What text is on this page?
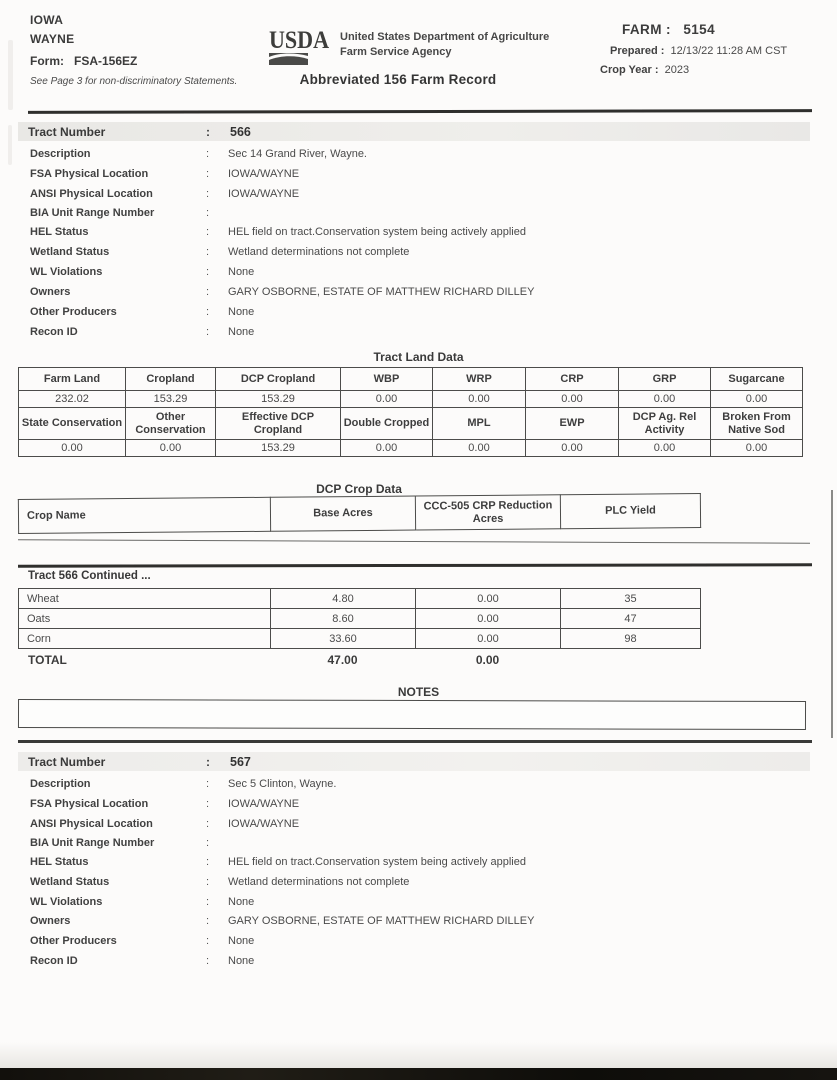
IOWA
WAYNE
Form: FSA-156EZ
See Page 3 for non-discriminatory Statements.
USDA United States Department of Agriculture
Farm Service Agency
Abbreviated 156 Farm Record
FARM : 5154
Prepared : 12/13/22 11:28 AM CST
Crop Year : 2023
Tract Number	:	566
Description	:	Sec 14 Grand River, Wayne.
FSA Physical Location	:	IOWA/WAYNE
ANSI Physical Location	:	IOWA/WAYNE
BIA Unit Range Number	:
HEL Status	:	HEL field on tract.Conservation system being actively applied
Wetland Status	:	Wetland determinations not complete
WL Violations	:	None
Owners	:	GARY OSBORNE, ESTATE OF MATTHEW RICHARD DILLEY
Other Producers	:	None
Recon ID	:	None
Tract Land Data
Farm Land	Cropland	DCP Cropland	WBP	WRP	CRP	GRP	Sugarcane
232.02	153.29	153.29	0.00	0.00	0.00	0.00	0.00
State Conservation	Other Conservation	Effective DCP Cropland	Double Cropped	MPL	EWP	DCP Ag. Rel Activity	Broken From Native Sod
0.00	0.00	153.29	0.00	0.00	0.00	0.00	0.00
DCP Crop Data
Crop Name	Base Acres	CCC-505 CRP Reduction Acres	PLC Yield
Tract 566 Continued ...
Wheat	4.80	0.00	35
Oats	8.60	0.00	47
Corn	33.60	0.00	98
TOTAL	47.00	0.00
NOTES
Tract Number	:	567
Description	:	Sec 5 Clinton, Wayne.
FSA Physical Location	:	IOWA/WAYNE
ANSI Physical Location	:	IOWA/WAYNE
BIA Unit Range Number	:
HEL Status	:	HEL field on tract.Conservation system being actively applied
Wetland Status	:	Wetland determinations not complete
WL Violations	:	None
Owners	:	GARY OSBORNE, ESTATE OF MATTHEW RICHARD DILLEY
Other Producers	:	None
Recon ID	:	None
